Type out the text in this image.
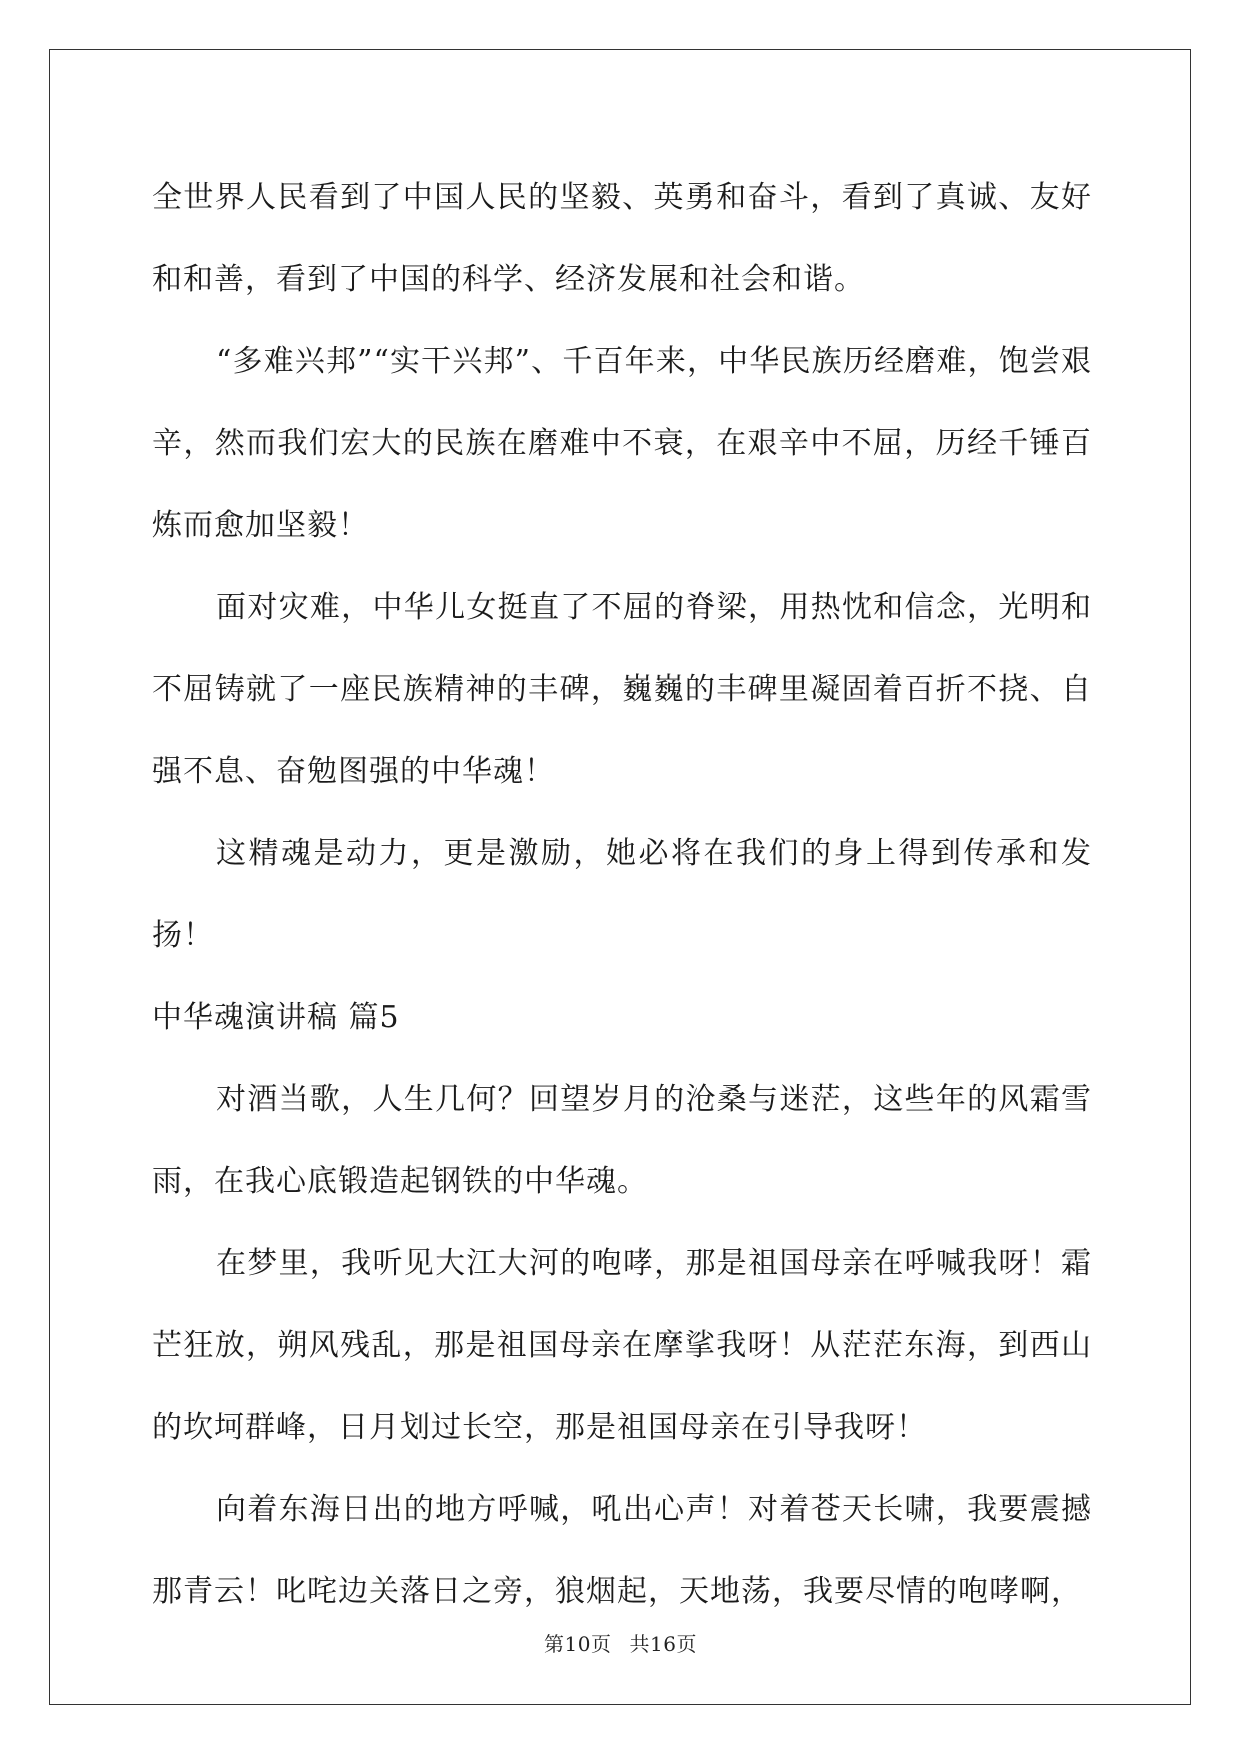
全世界人民看到了中国人民的坚毅、英勇和奋斗，看到了真诚、友好和和善，看到了中国的科学、经济发展和社会和谐。

“多难兴邦”“实干兴邦”、千百年来，中华民族历经磨难，饱尝艰辛，然而我们宏大的民族在磨难中不衰，在艰辛中不屈，历经千锤百炼而愈加坚毅！

面对灾难，中华儿女挺直了不屈的脊梁，用热忱和信念，光明和不屈铸就了一座民族精神的丰碑，巍巍的丰碑里凝固着百折不挠、自强不息、奋勉图强的中华魂！

这精魂是动力，更是激励，她必将在我们的身上得到传承和发扬！

中华魂演讲稿 篇5

对酒当歌，人生几何？回望岁月的沧桑与迷茫，这些年的风霜雪雨，在我心底锻造起钢铁的中华魂。

在梦里，我听见大江大河的咆哮，那是祖国母亲在呼喊我呀！霜芒狂放，朔风残乱，那是祖国母亲在摩挲我呀！从茫茫东海，到西山的坎坷群峰，日月划过长空，那是祖国母亲在引导我呀！

向着东海日出的地方呼喊，吼出心声！对着苍天长啸，我要震撼那青云！叱咤边关落日之旁，狼烟起，天地荡，我要尽情的咆哮啊，

第10页 共16页
